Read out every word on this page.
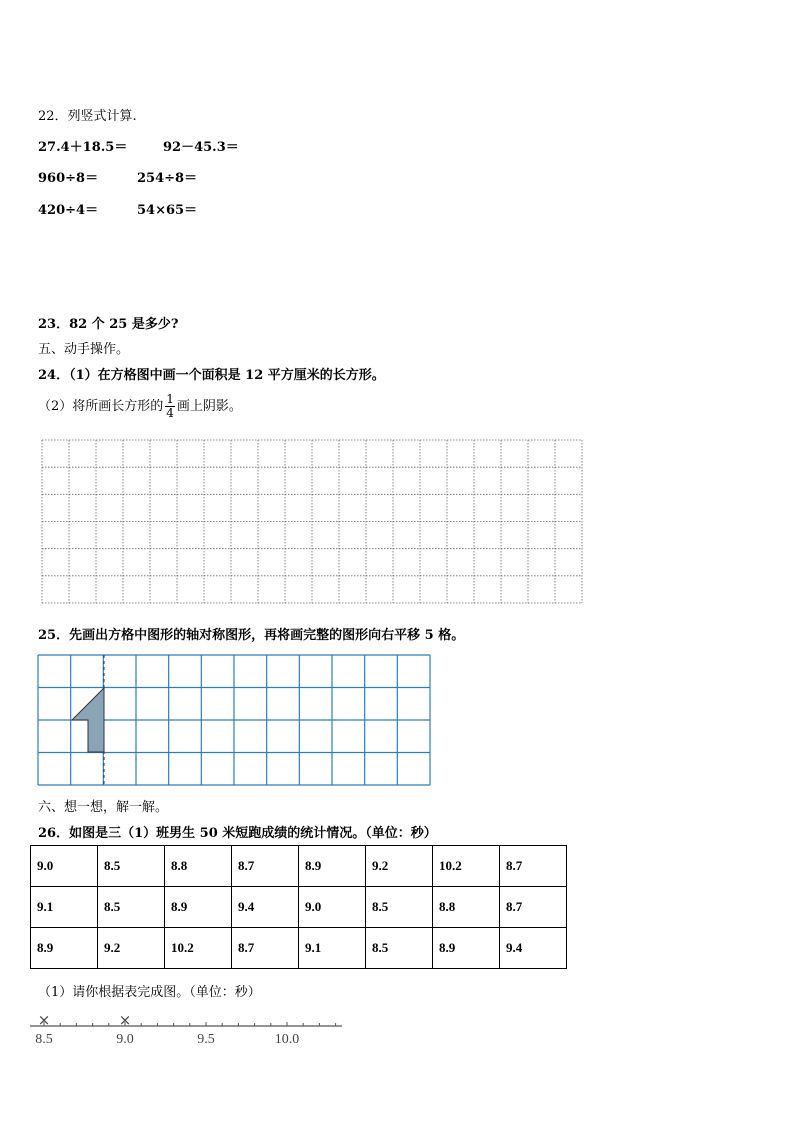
22．列竖式计算.
27.4＋18.5＝	92－45.3＝
960÷8＝	254÷8＝
420÷4＝	54×65＝
23．82 个 25 是多少?
五、动手操作。
24．（1）在方格图中画一个面积是 12 平方厘米的长方形。
（2）将所画长方形的 $\frac{1}{4}$ 画上阴影。
25．先画出方格中图形的轴对称图形，再将画完整的图形向右平移 5 格。
六、想一想，解一解。
26．如图是三（1）班男生 50 米短跑成绩的统计情况。（单位：秒）
9.0	8.5	8.8	8.7	8.9	9.2	10.2	8.7
9.1	8.5	8.9	9.4	9.0	8.5	8.8	8.7
8.9	9.2	10.2	8.7	9.1	8.5	8.9	9.4
（1）请你根据表完成图。（单位：秒）
8.5	9.0	9.5	10.0
×	×
